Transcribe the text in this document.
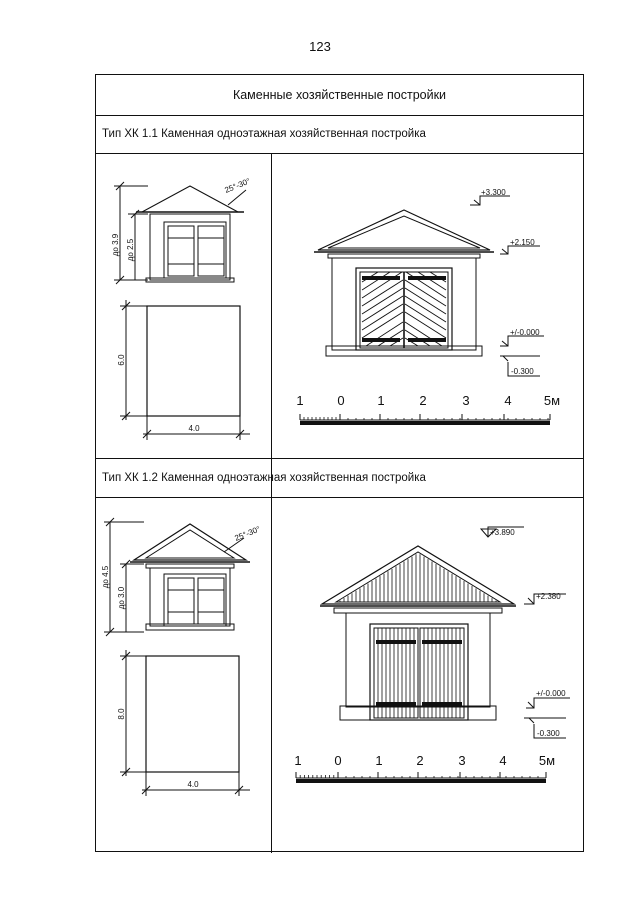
123
Каменные хозяйственные постройки
Тип ХК 1.1 Каменная одноэтажная хозяйственная постройка
Тип ХК 1.2 Каменная одноэтажная хозяйственная постройка
до 3.9 до 2.5
6.0
4.0
25°-30°	+3.300
+2.150
+/-0.000
-0.300
1	0	1	2	3	4 5м
до 4.5
до 3.0
8.0
4.0
25°-30°	+3.890
+2.380
+/-0.000
-0.300
1	0	1	2	3	4 5м
